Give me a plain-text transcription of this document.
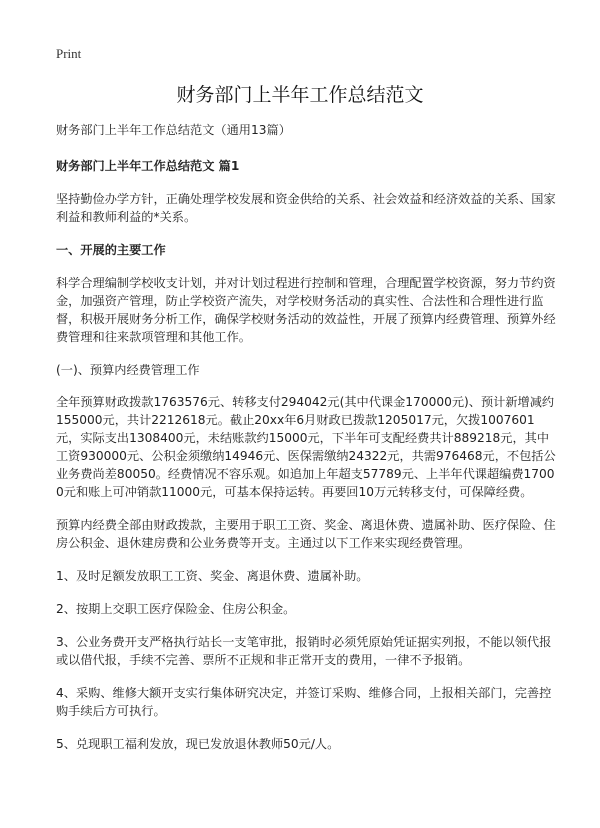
Print
财务部门上半年工作总结范文

财务部门上半年工作总结范文（通用13篇）

财务部门上半年工作总结范文 篇1

坚持勤俭办学方针，正确处理学校发展和资金供给的关系、社会效益和经济效益的关系、国家利益和教师利益的*关系。

一、开展的主要工作

科学合理编制学校收支计划，并对计划过程进行控制和管理，合理配置学校资源，努力节约资金，加强资产管理，防止学校资产流失，对学校财务活动的真实性、合法性和合理性进行监督，积极开展财务分析工作，确保学校财务活动的效益性，开展了预算内经费管理、预算外经费管理和往来款项管理和其他工作。

(一)、预算内经费管理工作

全年预算财政拨款1763576元、转移支付294042元(其中代课金170000元)、预计新增减约155000元，共计2212618元。截止20xx年6月财政已拨款1205017元，欠拨1007601元，实际支出1308400元，未结账款约15000元，下半年可支配经费共计889218元，其中工资930000元、公积金须缴纳14946元、医保需缴纳24322元，共需976468元，不包括公业务费尚差80050。经费情况不容乐观。如追加上年超支57789元、上半年代课超编费17000元和账上可冲销款11000元，可基本保持运转。再要回10万元转移支付，可保障经费。

预算内经费全部由财政拨款，主要用于职工工资、奖金、离退休费、遗属补助、医疗保险、住房公积金、退休建房费和公业务费等开支。主通过以下工作来实现经费管理。

1、及时足额发放职工工资、奖金、离退休费、遗属补助。

2、按期上交职工医疗保险金、住房公积金。

3、公业务费开支严格执行站长一支笔审批，报销时必须凭原始凭证据实列报，不能以领代报或以借代报，手续不完善、票所不正规和非正常开支的费用，一律不予报销。

4、采购、维修大额开支实行集体研究决定，并签订采购、维修合同，上报相关部门，完善控购手续后方可执行。

5、兑现职工福利发放，现已发放退休教师50元/人。
